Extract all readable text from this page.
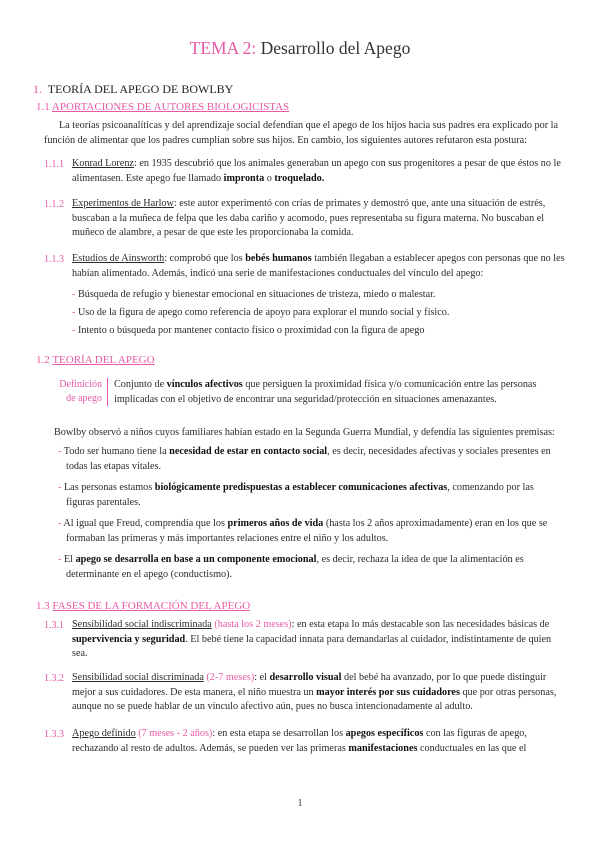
TEMA 2: Desarrollo del Apego
1. TEORÍA DEL APEGO DE BOWLBY
1.1 APORTACIONES DE AUTORES BIOLOGICISTAS
La teorías psicoanalíticas y del aprendizaje social defendían que el apego de los hijos hacia sus padres era explicado por la función de alimentar que los padres cumplían sobre sus hijos. En cambio, los siguientes autores refutaron esta postura:
1.1.1 Konrad Lorenz: en 1935 descubrió que los animales generaban un apego con sus progenitores a pesar de que éstos no le alimentasen. Este apego fue llamado impronta o troquelado.
1.1.2 Experimentos de Harlow: este autor experimentó con crías de primates y demostró que, ante una situación de estrés, buscaban a la muñeca de felpa que les daba cariño y acomodo, pues representaba su figura materna. No buscaban el muñeco de alambre, a pesar de que este les proporcionaba la comida.
1.1.3 Estudios de Ainsworth: comprobó que los bebés humanos también llegaban a establecer apegos con personas que no les habían alimentado. Además, indicó una serie de manifestaciones conductuales del vínculo del apego:
- Búsqueda de refugio y bienestar emocional en situaciones de tristeza, miedo o malestar.
- Uso de la figura de apego como referencia de apoyo para explorar el mundo social y físico.
- Intento o búsqueda por mantener contacto físico o proximidad con la figura de apego
1.2 TEORÍA DEL APEGO
Definición
de apego
Conjunto de vínculos afectivos que persiguen la proximidad física y/o comunicación entre las personas implicadas con el objetivo de encontrar una seguridad/protección en situaciones amenazantes.
Bowlby observó a niños cuyos familiares habían estado en la Segunda Guerra Mundial, y defendía las siguientes premisas:
- Todo ser humano tiene la necesidad de estar en contacto social, es decir, necesidades afectivas y sociales presentes en todas las etapas vitales.
- Las personas estamos biológicamente predispuestas a establecer comunicaciones afectivas, comenzando por las figuras parentales.
- Al igual que Freud, comprendía que los primeros años de vida (hasta los 2 años aproximadamente) eran en los que se formaban las primeras y más importantes relaciones entre el niño y los adultos.
- El apego se desarrolla en base a un componente emocional, es decir, rechaza la idea de que la alimentación es determinante en el apego (conductismo).
1.3 FASES DE LA FORMACIÓN DEL APEGO
1.3.1 Sensibilidad social indiscriminada (hasta los 2 meses): en esta etapa lo más destacable son las necesidades básicas de supervivencia y seguridad. El bebé tiene la capacidad innata para demandarlas al cuidador, indistintamente de quien sea.
1.3.2 Sensibilidad social discriminada (2-7 meses): el desarrollo visual del bebé ha avanzado, por lo que puede distinguir mejor a sus cuidadores. De esta manera, el niño muestra un mayor interés por sus cuidadores que por otras personas, aunque no se puede hablar de un vínculo afectivo aún, pues no busca intencionadamente al adulto.
1.3.3 Apego definido (7 meses - 2 años): en esta etapa se desarrollan los apegos específicos con las figuras de apego, rechazando al resto de adultos. Además, se pueden ver las primeras manifestaciones conductuales en las que el
1
